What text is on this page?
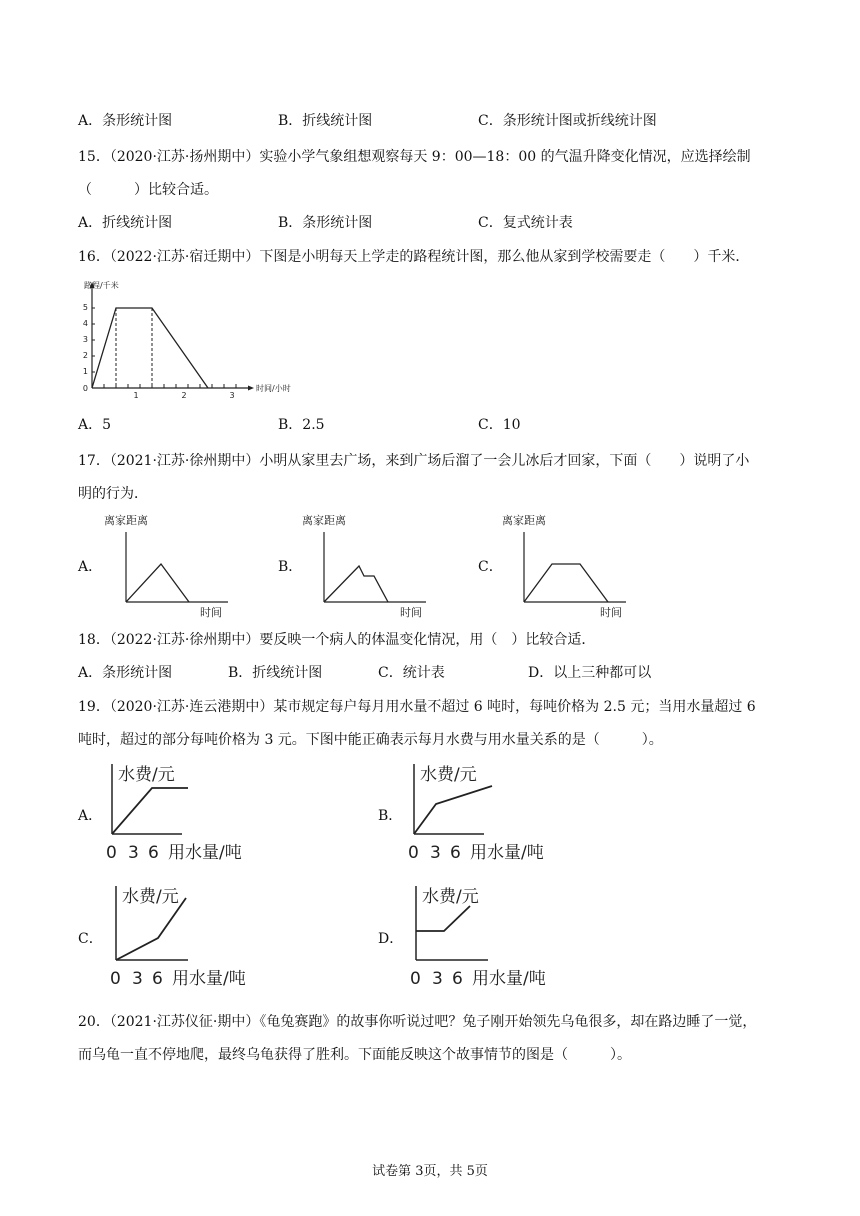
A．条形统计图	B．折线统计图	C．条形统计图或折线统计图
15．（2020·江苏·扬州期中）实验小学气象组想观察每天 9：00—18：00 的气温升降变化情况，应选择绘制
（　　　）比较合适。
A．折线统计图	B．条形统计图	C．复式统计表
16．（2022·江苏·宿迁期中）下图是小明每天上学走的路程统计图，那么他从家到学校需要走（　　）千米．
路程/千米
时间/小时
5
4
3
2
1
0
1	2	3
A．5	B．2.5	C．10
17．（2021·江苏·徐州期中）小明从家里去广场，来到广场后溜了一会儿冰后才回家，下面（　　）说明了小
明的行为．
A．
离家距离
时间
B．
离家距离
时间
C．
离家距离
时间
18．（2022·江苏·徐州期中）要反映一个病人的体温变化情况，用（　）比较合适．
A．条形统计图	B．折线统计图	C．统计表	D．以上三种都可以
19．（2020·江苏·连云港期中）某市规定每户每月用水量不超过 6 吨时，每吨价格为 2.5 元；当用水量超过 6
吨时，超过的部分每吨价格为 3 元。下图中能正确表示每月水费与用水量关系的是（　　　）。
A．
水费/元
0 3 6 用水量/吨
B．
水费/元
0 3 6 用水量/吨
C．
水费/元
0 3 6 用水量/吨
D．
水费/元
0 3 6 用水量/吨
20．（2021·江苏仪征·期中）《龟兔赛跑》的故事你听说过吧？兔子刚开始领先乌龟很多，却在路边睡了一觉，
而乌龟一直不停地爬，最终乌龟获得了胜利。下面能反映这个故事情节的图是（　　　）。
试卷第 3页，共 5页
